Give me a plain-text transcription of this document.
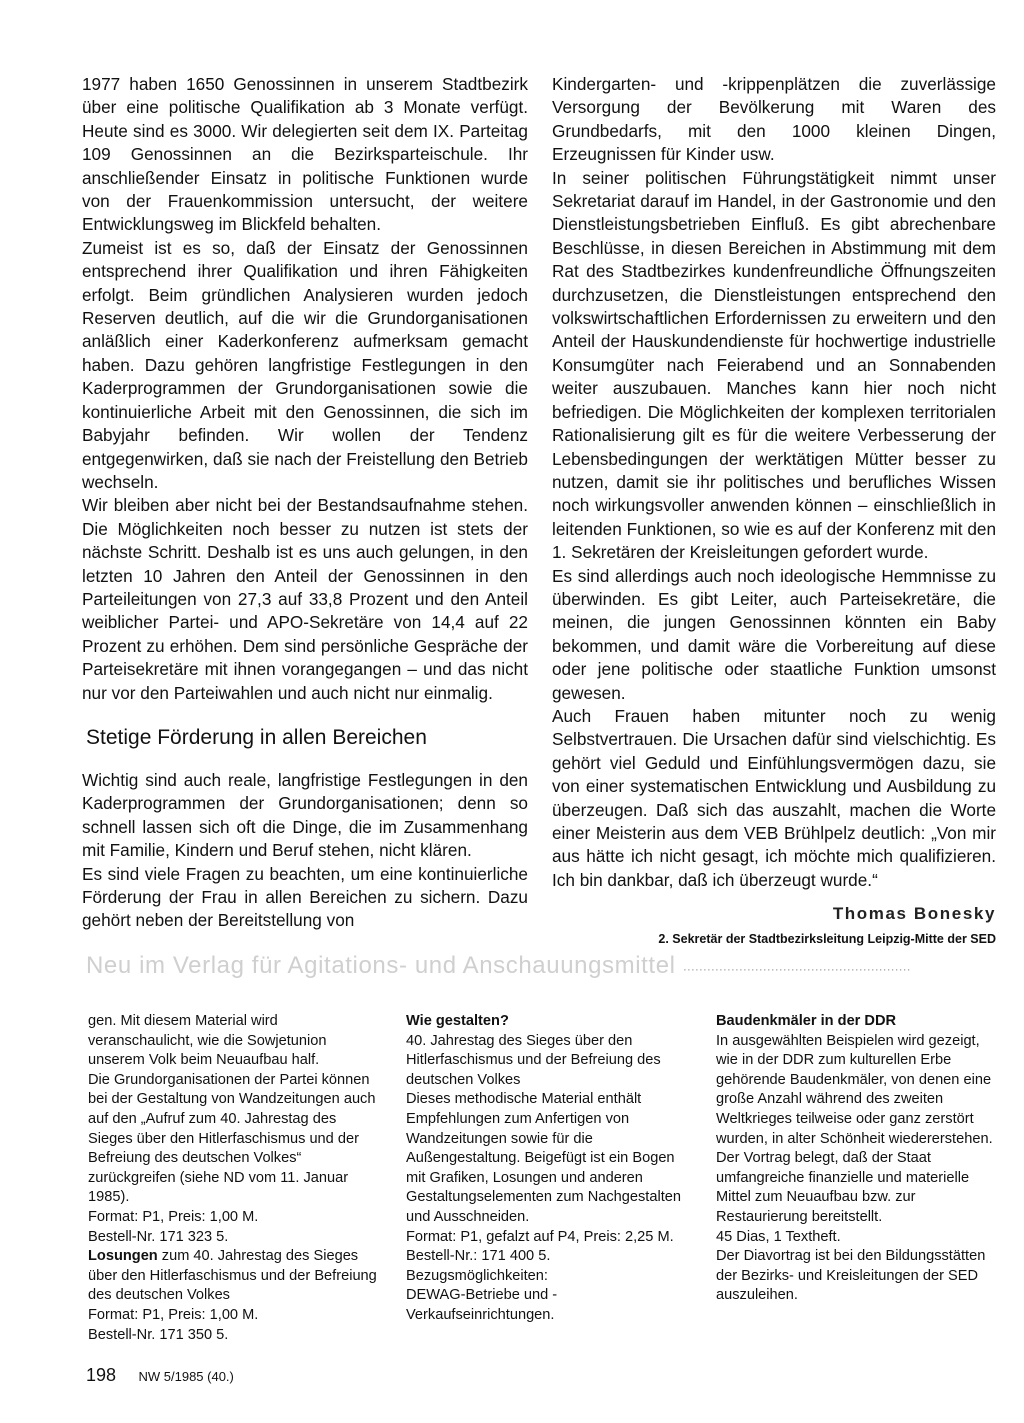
1977 haben 1650 Genossinnen in unserem Stadtbezirk über eine politische Qualifikation ab 3 Monate verfügt. Heute sind es 3000. Wir delegierten seit dem IX. Parteitag 109 Genossinnen an die Bezirksparteischule. Ihr anschließender Einsatz in politische Funktionen wurde von der Frauenkommission untersucht, der weitere Entwicklungsweg im Blickfeld behalten.

Zumeist ist es so, daß der Einsatz der Genossinnen entsprechend ihrer Qualifikation und ihren Fähigkeiten erfolgt. Beim gründlichen Analysieren wurden jedoch Reserven deutlich, auf die wir die Grundorganisationen anläßlich einer Kaderkonferenz aufmerksam gemacht haben. Dazu gehören langfristige Festlegungen in den Kaderprogrammen der Grundorganisationen sowie die kontinuierliche Arbeit mit den Genossinnen, die sich im Babyjahr befinden. Wir wollen der Tendenz entgegenwirken, daß sie nach der Freistellung den Betrieb wechseln.

Wir bleiben aber nicht bei der Bestandsaufnahme stehen. Die Möglichkeiten noch besser zu nutzen ist stets der nächste Schritt. Deshalb ist es uns auch gelungen, in den letzten 10 Jahren den Anteil der Genossinnen in den Parteileitungen von 27,3 auf 33,8 Prozent und den Anteil weiblicher Partei- und APO-Sekretäre von 14,4 auf 22 Prozent zu erhöhen. Dem sind persönliche Gespräche der Parteisekretäre mit ihnen vorangegangen – und das nicht nur vor den Parteiwahlen und auch nicht nur einmalig.

Stetige Förderung in allen Bereichen

Wichtig sind auch reale, langfristige Festlegungen in den Kaderprogrammen der Grundorganisationen; denn so schnell lassen sich oft die Dinge, die im Zusammenhang mit Familie, Kindern und Beruf stehen, nicht klären.

Es sind viele Fragen zu beachten, um eine kontinuierliche Förderung der Frau in allen Bereichen zu sichern. Dazu gehört neben der Bereitstellung von

Kindergarten- und -krippenplätzen die zuverlässige Versorgung der Bevölkerung mit Waren des Grundbedarfs, mit den 1000 kleinen Dingen, Erzeugnissen für Kinder usw.

In seiner politischen Führungstätigkeit nimmt unser Sekretariat darauf im Handel, in der Gastronomie und den Dienstleistungsbetrieben Einfluß. Es gibt abrechenbare Beschlüsse, in diesen Bereichen in Abstimmung mit dem Rat des Stadtbezirkes kundenfreundliche Öffnungszeiten durchzusetzen, die Dienstleistungen entsprechend den volkswirtschaftlichen Erfordernissen zu erweitern und den Anteil der Hauskundendienste für hochwertige industrielle Konsumgüter nach Feierabend und an Sonnabenden weiter auszubauen. Manches kann hier noch nicht befriedigen. Die Möglichkeiten der komplexen territorialen Rationalisierung gilt es für die weitere Verbesserung der Lebensbedingungen der werktätigen Mütter besser zu nutzen, damit sie ihr politisches und berufliches Wissen noch wirkungsvoller anwenden können – einschließlich in leitenden Funktionen, so wie es auf der Konferenz mit den 1. Sekretären der Kreisleitungen gefordert wurde.

Es sind allerdings auch noch ideologische Hemmnisse zu überwinden. Es gibt Leiter, auch Parteisekretäre, die meinen, die jungen Genossinnen könnten ein Baby bekommen, und damit wäre die Vorbereitung auf diese oder jene politische oder staatliche Funktion umsonst gewesen.

Auch Frauen haben mitunter noch zu wenig Selbstvertrauen. Die Ursachen dafür sind vielschichtig. Es gehört viel Geduld und Einfühlungsvermögen dazu, sie von einer systematischen Entwicklung und Ausbildung zu überzeugen. Daß sich das auszahlt, machen die Worte einer Meisterin aus dem VEB Brühlpelz deutlich: „Von mir aus hätte ich nicht gesagt, ich möchte mich qualifizieren. Ich bin dankbar, daß ich überzeugt wurde.“

Thomas Bonesky
2. Sekretär der Stadtbezirksleitung Leipzig-Mitte der SED
Neu im Verlag für Agitations- und Anschauungsmittel ·························································

gen. Mit diesem Material wird veranschaulicht, wie die Sowjetunion unserem Volk beim Neuaufbau half.

Die Grundorganisationen der Partei können bei der Gestaltung von Wandzeitungen auch auf den „Aufruf zum 40. Jahrestag des Sieges über den Hitlerfaschismus und der Befreiung des deutschen Volkes“ zurückgreifen (siehe ND vom 11. Januar 1985).

Format: P1, Preis: 1,00 M.

Bestell-Nr. 171 323 5.

Losungen zum 40. Jahrestag des Sieges über den Hitlerfaschismus und der Befreiung des deutschen Volkes

Format: P1, Preis: 1,00 M.

Bestell-Nr. 171 350 5.

Wie gestalten?

40. Jahrestag des Sieges über den Hitlerfaschismus und der Befreiung des deutschen Volkes

Dieses methodische Material enthält Empfehlungen zum Anfertigen von Wandzeitungen sowie für die Außengestaltung. Beigefügt ist ein Bogen mit Grafiken, Losungen und anderen Gestaltungselementen zum Nachgestalten und Ausschneiden.

Format: P1, gefalzt auf P4, Preis: 2,25 M.

Bestell-Nr.: 171 400 5.

Bezugsmöglichkeiten:

DEWAG-Betriebe und -Verkaufseinrichtungen.

Baudenkmäler in der DDR

In ausgewählten Beispielen wird gezeigt, wie in der DDR zum kulturellen Erbe gehörende Baudenkmäler, von denen eine große Anzahl während des zweiten Weltkrieges teilweise oder ganz zerstört wurden, in alter Schönheit wiedererstehen.

Der Vortrag belegt, daß der Staat umfangreiche finanzielle und materielle Mittel zum Neuaufbau bzw. zur Restaurierung bereitstellt.

45 Dias, 1 Textheft.

Der Diavortrag ist bei den Bildungsstätten der Bezirks- und Kreisleitungen der SED auszuleihen.

198 NW 5/1985 (40.)
